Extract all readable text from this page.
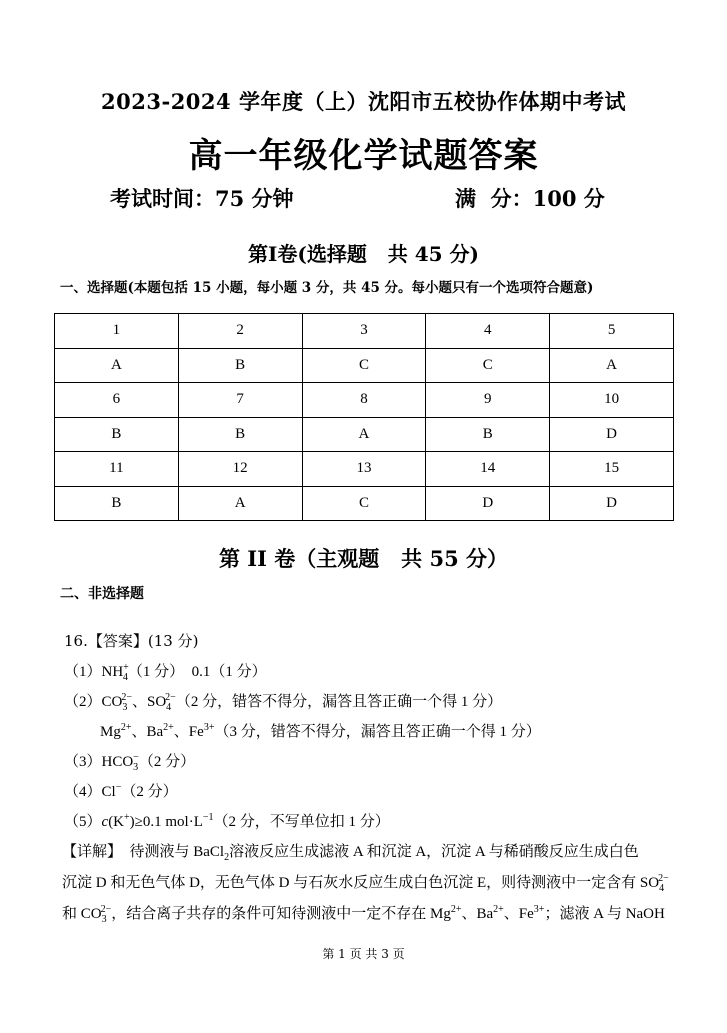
2023-2024 学年度（上）沈阳市五校协作体期中考试
高一年级化学试题答案
考试时间：75 分钟	满  分：100 分
第Ⅰ卷(选择题   共 45 分)
一、选择题(本题包括 15 小题，每小题 3 分，共 45 分。每小题只有一个选项符合题意)
1	2	3	4	5
A	B	C	C	A
6	7	8	9	10
B	B	A	B	D
11	12	13	14	15
B	A	C	D	D
第 II 卷（主观题   共 55 分）
二、非选择题
16.【答案】(13 分)
$(1)NH^+_4(1$ 分）  0.1（1 分）
$(2)CO_3^{2-}$、$SO_4^{2-}(2$ 分，错答不得分，漏答且答正确一个得 1 分）
$Mg^{2+}$、$Ba^{2+}$、$Fe^{3+}(3$ 分，错答不得分，漏答且答正确一个得 1 分）
$(3)HCO_3^-(2$ 分）
（4）Cl−（2 分）
（5）c(K+)≥0.1 $mol\cdot L^{-1}(2$ 分，不写单位扣 1 分）
【详解】  待测液与 BaCl$_2$溶液反应生成滤液 A 和沉淀 A，沉淀 A 与稀硝酸反应生成白色
沉淀 D 和无色气体 D，无色气体 D 与石灰水反应生成白色沉淀 E，则待测液中一定含有 $SO_4^{2-}$
和 $CO_3^{2-}$，结合离子共存的条件可知待测液中一定不存在 $Mg^{2+}$、$Ba^{2+}$、$Fe^{3+}$；滤液 A 与 NaOH
第 1 页 共 3 页
